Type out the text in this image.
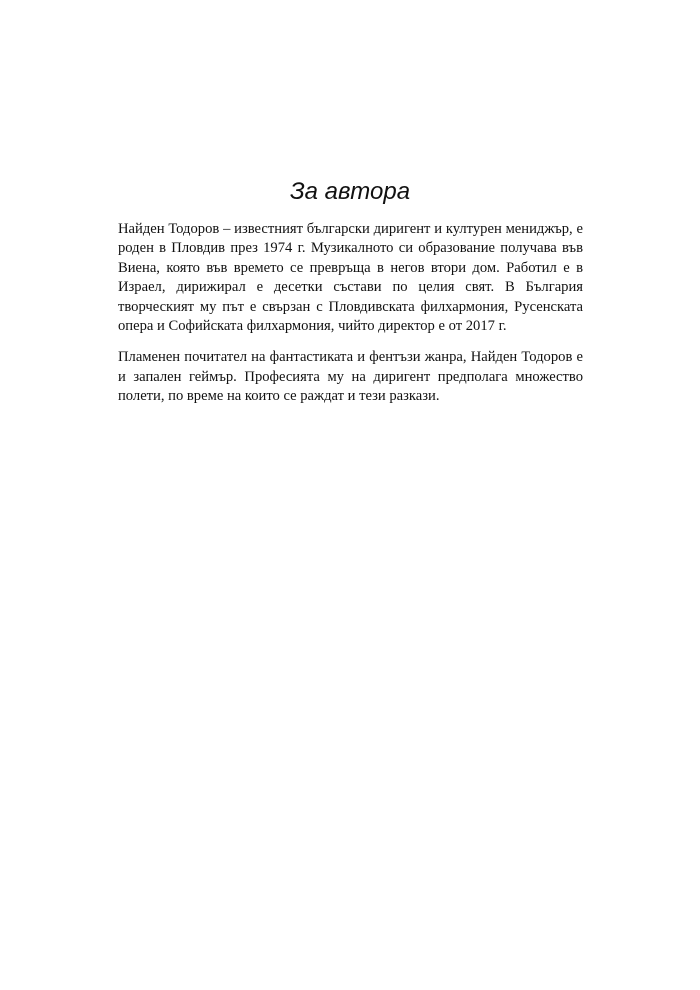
За автора

Найден Тодоров – известният български диригент и културен мениджър, е роден в Пловдив през 1974 г. Музикалното си образование получава във Виена, която във времето се превръща в негов втори дом. Работил е в Израел, дирижирал е десетки състави по целия свят. В България творческият му път е свързан с Пловдивската филхармония, Русенската опера и Софийската филхармония, чийто директор е от 2017 г.

Пламенен почитател на фантастиката и фентъзи жанра, Найден Тодоров е и запален геймър. Професията му на диригент предполага множество полети, по време на които се раждат и тези разкази.
